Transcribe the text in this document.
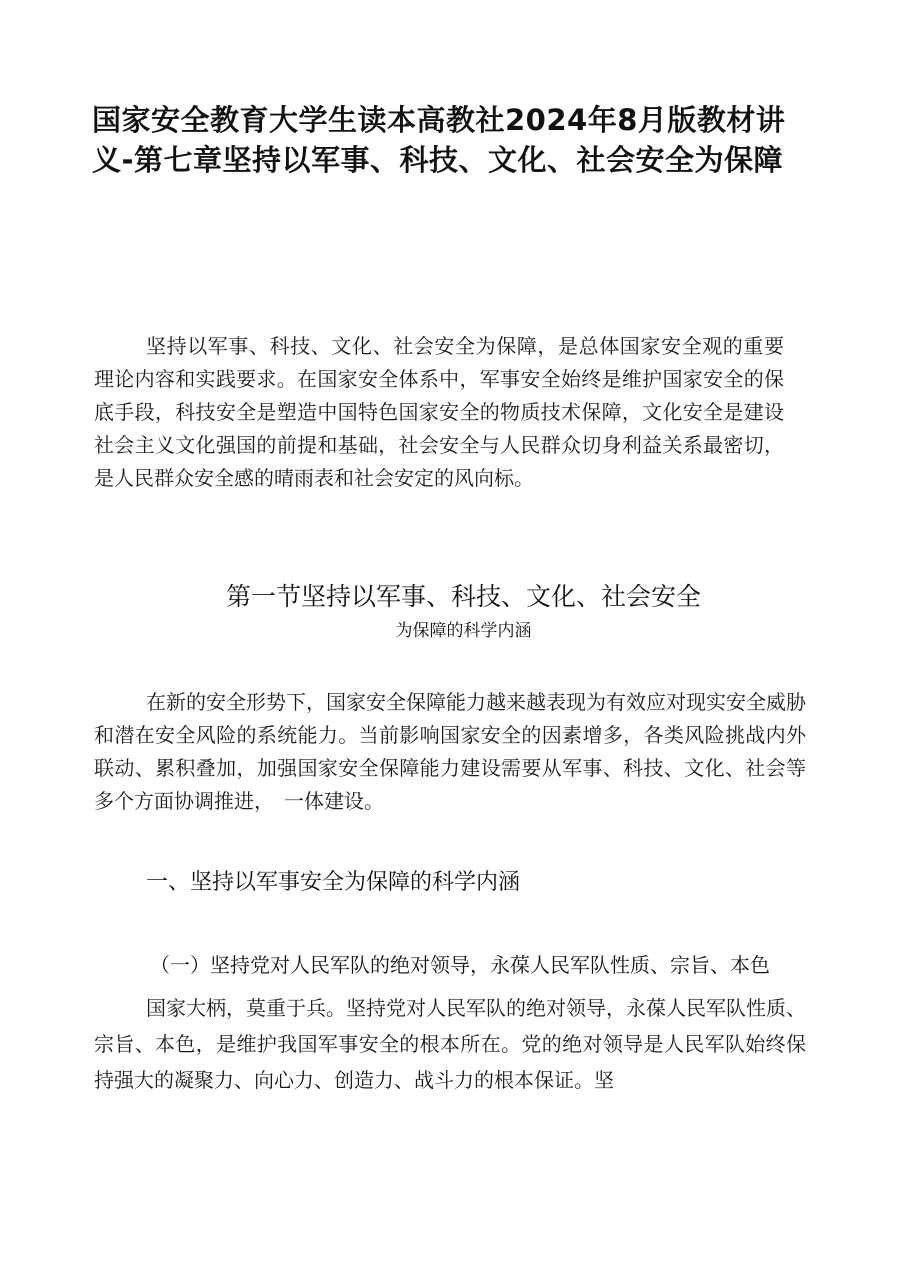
国家安全教育大学生读本高教社2024年8月版教材讲义-第七章坚持以军事、科技、文化、社会安全为保障

坚持以军事、科技、文化、社会安全为保障，是总体国家安全观的重要理论内容和实践要求。在国家安全体系中，军事安全始终是维护国家安全的保底手段，科技安全是塑造中国特色国家安全的物质技术保障，文化安全是建设社会主义文化强国的前提和基础，社会安全与人民群众切身利益关系最密切，是人民群众安全感的晴雨表和社会安定的风向标。

第一节坚持以军事、科技、文化、社会安全
为保障的科学内涵

在新的安全形势下，国家安全保障能力越来越表现为有效应对现实安全威胁和潜在安全风险的系统能力。当前影响国家安全的因素增多，各类风险挑战内外联动、累积叠加，加强国家安全保障能力建设需要从军事、科技、文化、社会等多个方面协调推进，　一体建设。

一、坚持以军事安全为保障的科学内涵

（一）坚持党对人民军队的绝对领导，永葆人民军队性质、宗旨、本色

国家大柄，莫重于兵。坚持党对人民军队的绝对领导，永葆人民军队性质、宗旨、本色，是维护我国军事安全的根本所在。党的绝对领导是人民军队始终保持强大的凝聚力、向心力、创造力、战斗力的根本保证。坚
